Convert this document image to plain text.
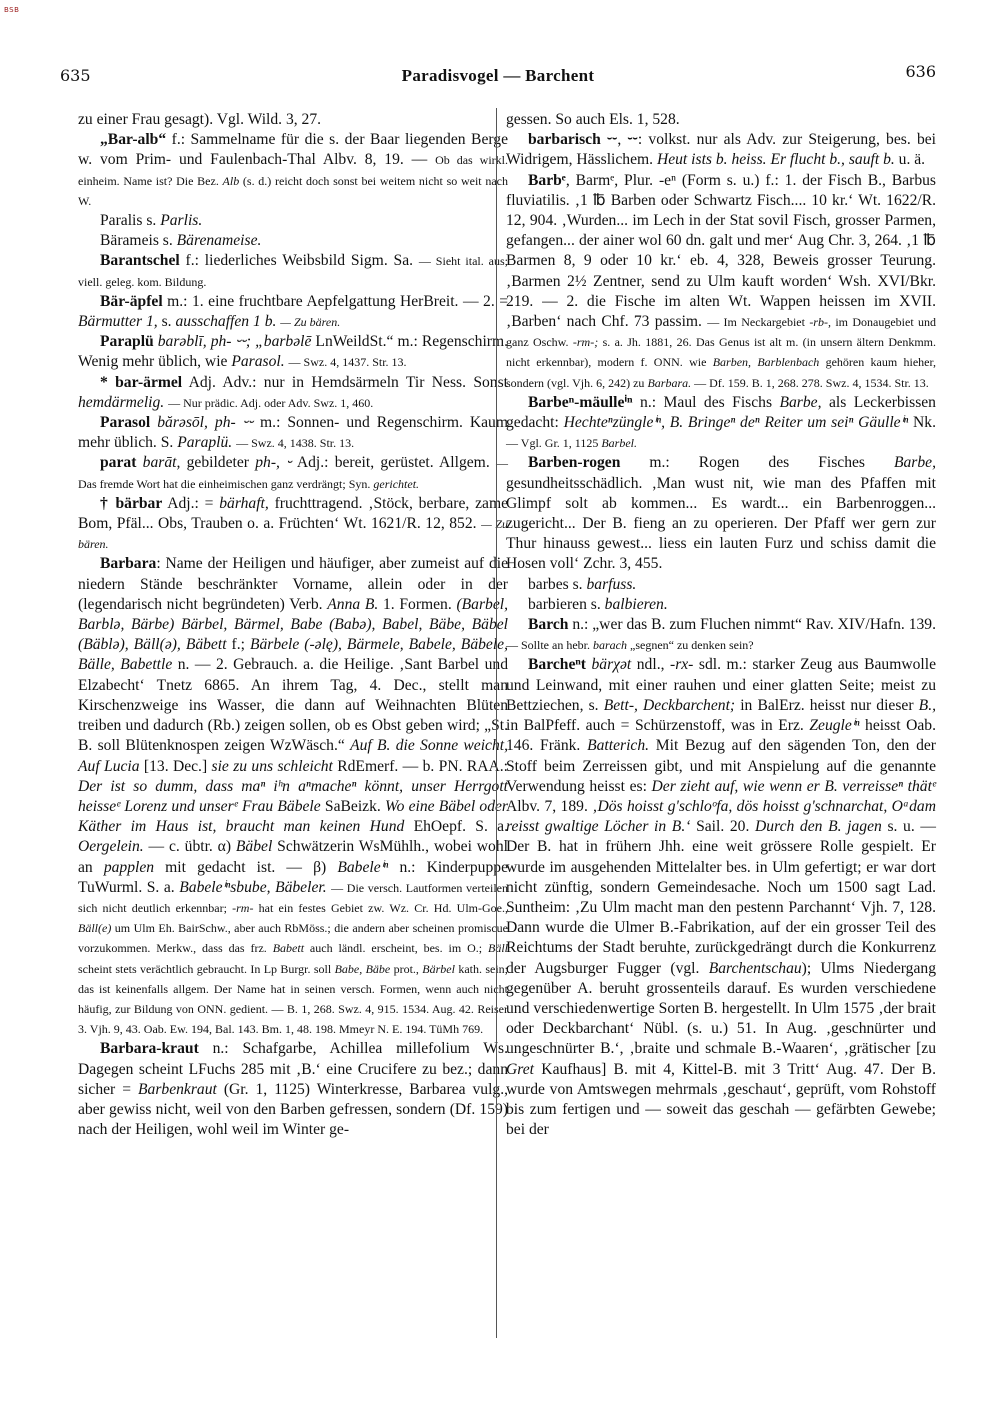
BSB
635	Paradisvogel — Barchent	636

zu einer Frau gesagt). Vgl. Wild. 3, 27.

„Bar-alb“ f.: Sammelname für die s. der Baar liegenden Berge w. vom Prim- und Faulenbach-Thal Albv. 8, 19. — Ob das wirkl. einheim. Name ist? Die Bez. Alb (s. d.) reicht doch sonst bei weitem nicht so weit nach W.

Paralis s. Parlis.

Bärameis s. Bärenameise.

Barantschel f.: liederliches Weibsbild Sigm. Sa. — Sieht ital. aus; viell. geleg. kom. Bildung.

Bär-äpfel m.: 1. eine fruchtbare Aepfelgattung HerBreit. — 2. = Bärmutter 1, s. ausschaffen 1 b. — Zu bären.

Paraplü barəblī, ph- ⏑⏑; „barbəlē LnWeildSt.“ m.: Regenschirm. Wenig mehr üblich, wie Parasol. — Swz. 4, 1437. Str. 13.

* bar-ärmel Adj. Adv.: nur in Hemdsärmeln Tir Ness. Sonst hemdärmelig. — Nur prädic. Adj. oder Adv. Swz. 1, 460.

Parasol bărəsōl, ph- ⏑⏑ m.: Sonnen- und Regenschirm. Kaum mehr üblich. S. Paraplü. — Swz. 4, 1438. Str. 13.

parat barāt, gebildeter ph-, ⏑ Adj.: bereit, gerüstet. Allgem. — Das fremde Wort hat die einheimischen ganz verdrängt; Syn. gerichtet.

† bärbar Adj.: = bärhaft, fruchttragend. ‚Stöck, berbare, zame Bom, Pfäl... Obs, Trauben o. a. Früchten‘ Wt. 1621/R. 12, 852. — Zu bären.

Barbara: Name der Heiligen und häufiger, aber zumeist auf die niedern Stände beschränkter Vorname, allein oder in der (legendarisch nicht begründeten) Verb. Anna B. 1. Formen. (Barbel, Barblə, Bärbe) Bärbel, Bärmel, Babe (Babə), Babel, Bäbe, Bäbel (Bäblə), Bäll(ə), Bäbett f.; Bärbele (-əlę), Bärmele, Babele, Bäbele, Bälle, Babettle n. — 2. Gebrauch. a. die Heilige. ‚Sant Barbel und Elzabecht‘ Tnetz 6865. An ihrem Tag, 4. Dec., stellt man Kirschenzweige ins Wasser, die dann auf Weihnachten Blüten treiben und dadurch (Rb.) zeigen sollen, ob es Obst geben wird; „St. B. soll Blütenknospen zeigen WzWäsch.“ Auf B. die Sonne weicht, Auf Lucia [13. Dec.] sie zu uns schleicht RdEmerf. — b. PN. RAA.: Der ist so dumm, dass maⁿ iʰn aⁿmacheⁿ könnt, unser Herrgott heisseᵉ Lorenz und unserᵉ Frau Bäbele SaBeizk. Wo eine Bäbel oder Käther im Haus ist, braucht man keinen Hund EhOepf. S. a. Oergelein. — c. übtr. α) Bäbel Schwätzerin WsMühlh., wobei wohl an papplen mit gedacht ist. — β) Babeleⁱⁿ n.: Kinderpuppe TuWurml. S. a. Babeleⁱⁿsbube, Bäbeler. — Die versch. Lautformen verteilen sich nicht deutlich erkennbar; -rm- hat ein festes Gebiet zw. Wz. Cr. Hd. Ulm-Goe., Bäll(e) um Ulm Eh. BairSchw., aber auch RbMöss.; die andern aber scheinen promiscue vorzukommen. Merkw., dass das frz. Babett auch ländl. erscheint, bes. im O.; Bäll scheint stets verächtlich gebraucht. In Lp Burgr. soll Babe, Bäbe prot., Bärbel kath. sein; das ist keinenfalls allgem. Der Name hat in seinen versch. Formen, wenn auch nicht häufig, zur Bildung von ONN. gedient. — B. 1, 268. Swz. 4, 915. 1534. Aug. 42. Reiser 3. Vjh. 9, 43. Oab. Ew. 194, Bal. 143. Bm. 1, 48. 198. Mmeyr N. E. 194. TüMh 769.

Barbara-kraut n.: Schafgarbe, Achillea millefolium Ws. Dagegen scheint LFuchs 285 mit ‚B.‘ eine Crucifere zu bez.; dann sicher = Barbenkraut (Gr. 1, 1125) Winterkresse, Barbarea vulg., aber gewiss nicht, weil von den Barben gefressen, sondern (Df. 159) nach der Heiligen, wohl weil im Winter ge-

gessen. So auch Els. 1, 528.

barbarisch ⏑⏑, ⏑⏑: volkst. nur als Adv. zur Steigerung, bes. bei Widrigem, Hässlichem. Heut ists b. heiss. Er flucht b., sauft b. u. ä.

Barbᵉ, Barmᵉ, Plur. -eⁿ (Form s. u.) f.: 1. der Fisch B., Barbus fluviatilis. ‚1 ℔ Barben oder Schwartz Fisch.... 10 kr.‘ Wt. 1622/R. 12, 904. ‚Wurden... im Lech in der Stat sovil Fisch, grosser Parmen, gefangen... der ainer wol 60 dn. galt und mer‘ Aug Chr. 3, 264. ‚1 ℔ Barmen 8, 9 oder 10 kr.‘ eb. 4, 328, Beweis grosser Teurung. ‚Barmen 2½ Zentner, send zu Ulm kauft worden‘ Wsh. XVI/Bkr. 219. — 2. die Fische im alten Wt. Wappen heissen im XVII. ‚Barben‘ nach Chf. 73 passim. — Im Neckargebiet -rb-, im Donaugebiet und ganz Oschw. -rm-; s. a. Jh. 1881, 26. Das Genus ist alt m. (in unsern ältern Denkmm. nicht erkennbar), modern f. ONN. wie Barben, Barblenbach gehören kaum hieher, sondern (vgl. Vjh. 6, 242) zu Barbara. — Df. 159. B. 1, 268. 278. Swz. 4, 1534. Str. 13.

Barbeⁿ-mäulleⁱⁿ n.: Maul des Fischs Barbe, als Leckerbissen gedacht: Hechteⁿzüngleⁱⁿ, B. Bringeⁿ deⁿ Reiter um seiⁿ Gäulleⁱⁿ Nk. — Vgl. Gr. 1, 1125 Barbel.

Barben-rogen m.: Rogen des Fisches Barbe, gesundheitsschädlich. ‚Man wust nit, wie man des Pfaffen mit Glimpf solt ab kommen... Es wardt... ein Barbenroggen... zugericht... Der B. fieng an zu operieren. Der Pfaff wer gern zur Thur hinauss gewest... liess ein lauten Furz und schiss damit die Hosen voll‘ Zchr. 3, 455.

barbes s. barfuss.

barbieren s. balbieren.

Barch n.: „wer das B. zum Fluchen nimmt“ Rav. XIV/Hafn. 139. — Sollte an hebr. barach „segnen“ zu denken sein?

Barcheⁿt bärχət ndl., -rx- sdl. m.: starker Zeug aus Baumwolle und Leinwand, mit einer rauhen und einer glatten Seite; meist zu Bettziechen, s. Bett-, Deckbarchent; in BalErz. heisst nur dieser B., in BalPfeff. auch = Schürzenstoff, was in Erz. Zeugleⁱⁿ heisst Oab. 146. Fränk. Batterich. Mit Bezug auf den sägenden Ton, den der Stoff beim Zerreissen gibt, und mit Anspielung auf die genannte Verwendung heisst es: Der zieht auf, wie wenn er B. verreisseⁿ thätᵉ Albv. 7, 189. ‚Dös hoisst g'schloᵒfa, dös hoisst g'schnarchat, Oᵃdam reisst gwaltige Löcher in B.‘ Sail. 20. Durch den B. jagen s. u. — Der B. hat in frühern Jhh. eine weit grössere Rolle gespielt. Er wurde im ausgehenden Mittelalter bes. in Ulm gefertigt; er war dort nicht zünftig, sondern Gemeindesache. Noch um 1500 sagt Lad. Suntheim: ‚Zu Ulm macht man den pestenn Parchannt‘ Vjh. 7, 128. Dann wurde die Ulmer B.-Fabrikation, auf der ein grosser Teil des Reichtums der Stadt beruhte, zurückgedrängt durch die Konkurrenz der Augsburger Fugger (vgl. Barchentschau); Ulms Niedergang gegenüber A. beruht grossenteils darauf. Es wurden verschiedene und verschiedenwertige Sorten B. hergestellt. In Ulm 1575 ‚der brait oder Deckbarchant‘ Nübl. (s. u.) 51. In Aug. ‚geschnürter und ungeschnürter B.‘, ‚braite und schmale B.-Waaren‘, ‚grätischer [zu Gret Kaufhaus] B. mit 4, Kittel-B. mit 3 Tritt‘ Aug. 47. Der B. wurde von Amtswegen mehrmals ‚geschaut‘, geprüft, vom Rohstoff bis zum fertigen und — soweit das geschah — gefärbten Gewebe; bei der
